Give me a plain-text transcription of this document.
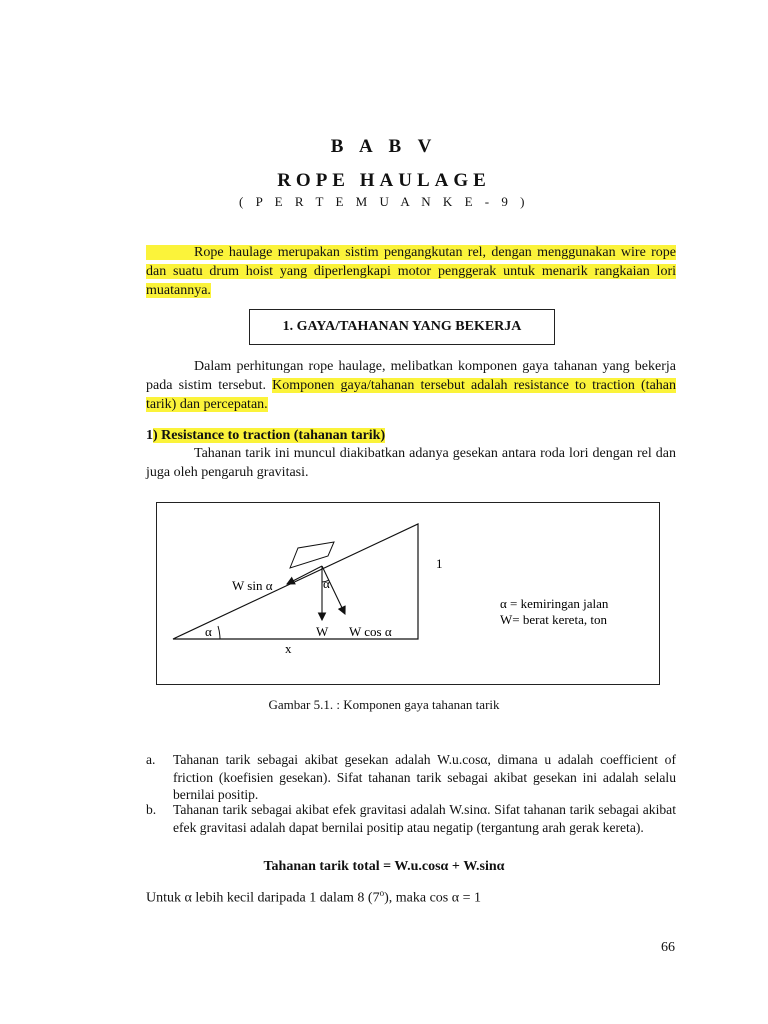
B A B V
ROPE HAULAGE
( P E R T E M U A N K E - 9 )
Rope haulage merupakan sistim pengangkutan rel, dengan menggunakan wire rope dan suatu drum hoist yang diperlengkapi motor penggerak untuk menarik rangkaian lori muatannya.
1. GAYA/TAHANAN YANG BEKERJA
Dalam perhitungan rope haulage, melibatkan komponen gaya tahanan yang bekerja pada sistim tersebut. Komponen gaya/tahanan tersebut adalah resistance to traction (tahan tarik) dan percepatan.
1) Resistance to traction (tahanan tarik)
Tahanan tarik ini muncul diakibatkan adanya gesekan antara roda lori dengan rel dan juga oleh pengaruh gravitasi.
W sin α	α
α	W W cos α
x
1
α = kemiringan jalan
W= berat kereta, ton
Gambar 5.1. : Komponen gaya tahanan tarik
a. Tahanan tarik sebagai akibat gesekan adalah W.u.cosα, dimana u adalah coefficient of friction (koefisien gesekan). Sifat tahanan tarik sebagai akibat gesekan ini adalah selalu bernilai positip.
b. Tahanan tarik sebagai akibat efek gravitasi adalah W.sinα. Sifat tahanan tarik sebagai akibat efek gravitasi adalah dapat bernilai positip atau negatip (tergantung arah gerak kereta).
Tahanan tarik total = W.u.cosα + W.sinα
Untuk α lebih kecil daripada 1 dalam 8 (7$^o$), maka cos α = 1
66
